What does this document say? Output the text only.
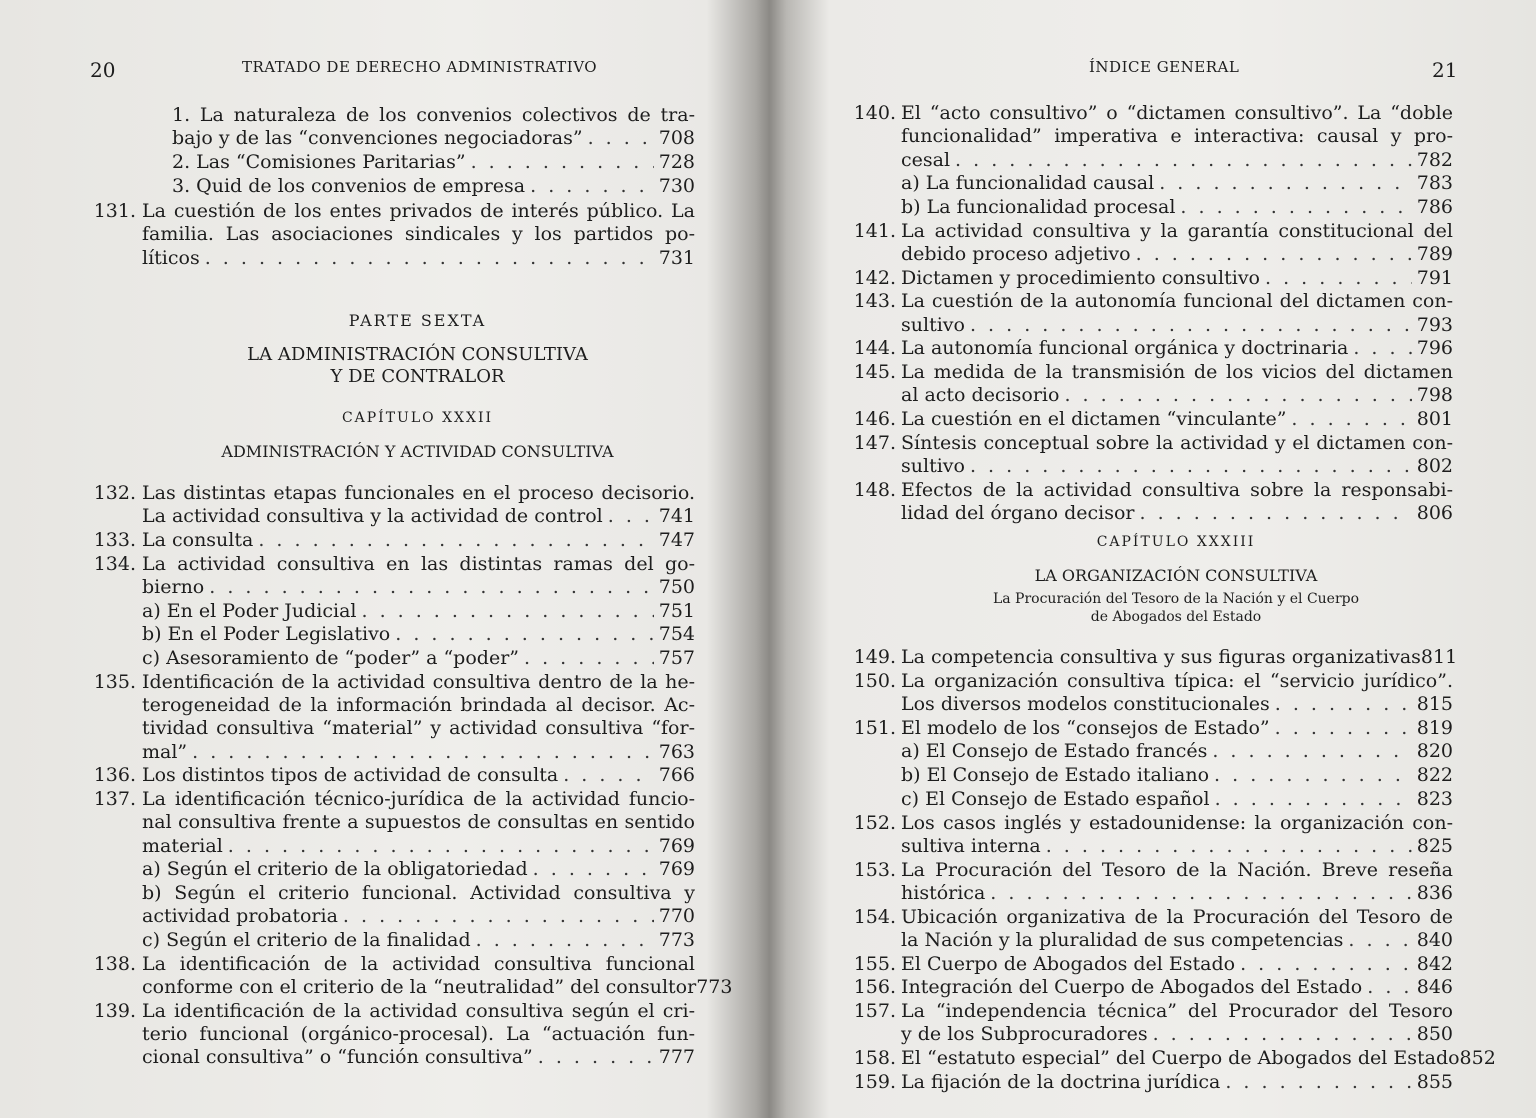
20	TRATADO DE DERECHO ADMINISTRATIVO
1. La naturaleza de los convenios colectivos de tra-
bajo y de las “convenciones negociadoras” . . .	708
2. Las “Comisiones Paritarias” . . .	728
3. Quid de los convenios de empresa . . .	730
131. La cuestión de los entes privados de interés público. La
familia. Las asociaciones sindicales y los partidos po-
líticos . . .	731
PARTE SEXTA
LA ADMINISTRACIÓN CONSULTIVA
Y DE CONTRALOR
CAPÍTULO XXXII
ADMINISTRACIÓN Y ACTIVIDAD CONSULTIVA
132. Las distintas etapas funcionales en el proceso decisorio.
La actividad consultiva y la actividad de control . . .	741
133. La consulta . . .	747
134. La actividad consultiva en las distintas ramas del go-
bierno . . .	750
a) En el Poder Judicial . . .	751
b) En el Poder Legislativo . . .	754
c) Asesoramiento de “poder” a “poder” . . .	757
135. Identificación de la actividad consultiva dentro de la he-
terogeneidad de la información brindada al decisor. Ac-
tividad consultiva “material” y actividad consultiva “for-
mal” . . .	763
136. Los distintos tipos de actividad de consulta . . .	766
137. La identificación técnico-jurídica de la actividad funcio-
nal consultiva frente a supuestos de consultas en sentido
material . . .	769
a) Según el criterio de la obligatoriedad . . .	769
b) Según el criterio funcional. Actividad consultiva y
actividad probatoria . . .	770
c) Según el criterio de la finalidad . . .	773
138. La identificación de la actividad consultiva funcional
conforme con el criterio de la “neutralidad” del consultor 773
139. La identificación de la actividad consultiva según el cri-
terio funcional (orgánico-procesal). La “actuación fun-
cional consultiva” o “función consultiva” . . .	777
ÍNDICE GENERAL	21
140. El “acto consultivo” o “dictamen consultivo”. La “doble
funcionalidad” imperativa e interactiva: causal y pro-
cesal . . .	782
a) La funcionalidad causal . . .	783
b) La funcionalidad procesal . . .	786
141. La actividad consultiva y la garantía constitucional del
debido proceso adjetivo . . .	789
142. Dictamen y procedimiento consultivo . . .	791
143. La cuestión de la autonomía funcional del dictamen con-
sultivo . . .	793
144. La autonomía funcional orgánica y doctrinaria . . .	796
145. La medida de la transmisión de los vicios del dictamen
al acto decisorio . . .	798
146. La cuestión en el dictamen “vinculante” . . .	801
147. Síntesis conceptual sobre la actividad y el dictamen con-
sultivo . . .	802
148. Efectos de la actividad consultiva sobre la responsabi-
lidad del órgano decisor . . .	806
CAPÍTULO XXXIII
LA ORGANIZACIÓN CONSULTIVA
La Procuración del Tesoro de la Nación y el Cuerpo
de Abogados del Estado
149. La competencia consultiva y sus figuras organizativas 811
150. La organización consultiva típica: el “servicio jurídico”.
Los diversos modelos constitucionales . . .	815
151. El modelo de los “consejos de Estado” . . .	819
a) El Consejo de Estado francés . . .	820
b) El Consejo de Estado italiano . . .	822
c) El Consejo de Estado español . . .	823
152. Los casos inglés y estadounidense: la organización con-
sultiva interna . . .	825
153. La Procuración del Tesoro de la Nación. Breve reseña
histórica . . .	836
154. Ubicación organizativa de la Procuración del Tesoro de
la Nación y la pluralidad de sus competencias . . .	840
155. El Cuerpo de Abogados del Estado . . .	842
156. Integración del Cuerpo de Abogados del Estado . . .	846
157. La “independencia técnica” del Procurador del Tesoro
y de los Subprocuradores . . .	850
158. El “estatuto especial” del Cuerpo de Abogados del Estado 852
159. La fijación de la doctrina jurídica . . .	855
